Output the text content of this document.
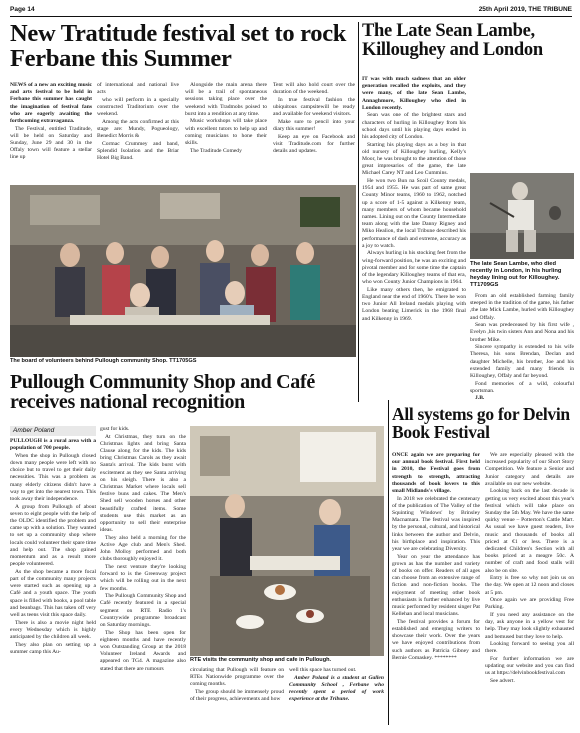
Page 14	25th April 2019, THE TRIBUNE
New Tratitude festival set to rock Ferbane this Summer

NEWS of a new an exciting music and arts festival to be held in Ferbane this summer has caught the imagination of festival fans who are eagerly awaiting the forthcoming extravaganza.

The Festival, entitled Traditude, will be held on Saturday and Sunday, June 29 and 30 in the Offaly town will feature a stellar line up

of international and national live acts

who will perform in a specially constructed Traditorium over the weekend.

Among the acts confirmed at this stage are: Mundy, Pogueology, Benedict Morris &

Cormac Crummey and band, Splendid Isolation and the Briar Hotel Big Band.

Alongside the main arena there will be a trail of spontaneous sessions taking place over the weekend with Tradmobs poised to burst into a rendition at any time.

Music workshops will take place with excellent tutors to help up and coming musicians to hone their skills.

The Traditude Comedy

Tent will also hold court over the duration of the weekend.

In true festival fashion the ubiquitous campsitewill be ready and available for weekend visitors.

Make sure to pencil into your diary this summer!

Keep an eye on Facebook and visit Traditude.com for further details and updates.

The board of volunteers behind Pullough community Shop. TT1705GS
The Late Sean Lambe, Killoughey and London

IT was with much sadness that an older generation recalled the exploits, and they were many, of the late Sean Lambe, Annaghmore, Killoughey who died in London recently.

Sean was one of the brightest stars and characters of hurling in Killoughey from his school days until his playing days ended in his adopted city of London.

Starting his playing days as a boy in that old nursery of Killoughey hurling, Kelly's Moor, he was brought to the attention of those great impresarios of the game, the late Michael Carey NT and Leo Cummins.

He won two Bun na Scoil County medals, 1954 and 1955. He was part of same great County Minor teams, 1960 to 1962, notched up a score of 1-5 against a Kilkenny team, many members of whom became household names. Lining out on the County Intermediate team along with the late Danny Rigney and Miko Healion, the local Tribune described his performance of dash and extreme, accuracy as a joy to watch.

Always hurling in his stocking feet from the wing-forward position, he was an exciting and pivotal member and for some time the captain of the legendary Killoughey teams of that era, who won County Junior Champions in 1964.

Like many others then, he emigrated to England near the end of 1960's. There he won two Junior All Ireland medals playing with London beating Limerick in the 1968 final and Kilkenny in 1969.

The late Sean Lambe, who died recently in London, in his hurling heyday lining out for Killoughey. TT1709GS

From an old established farming family steeped in the tradition of the game, his father ,the late Mick Lambe, hurled with Killoughey and Offaly.

Sean was predeceased by his first wife , Evelyn ,his twin sisters Ann and Nona and his brother Mike.

Sincere sympathy is extended to his wife Theresa, his sons Brendan, Declan and daughter Michelle, his brother, Joe and his extended family and many friends in Killoughey, Offaly and far beyond.

Fond memories of a wild, colourful sportsman.

J.B.

Pullough Community Shop and Café receives national recognition
Amber Poland

PULLOUGH is a rural area with a population of 700 people.

When the shop in Pullough closed down many people were left with no choice but to travel to get their daily necessities. This was a problem as many elderly citizens didn't have a way to get into the nearest town. This took away their independence.

A group from Pullough of about seven to eight people with the help of the OLDC identified the problem and came up with a solution. They wanted to set up a community shop where locals could volunteer their spare time and help out. The shop gained momentum and as a result more people volunteered.

As the shop became a more focal part of the community many projects were started such as opening up a Café and a youth space. The youth space is filled with books, a pool table and beanbags. This has taken off very well as teens visit this space daily.

There is also a movie night held every Wednesday which is highly anticipated by the children all week.

They also plan on setting up a summer camp this Au-

gust for kids.

At Christmas, they turn on the Christmas lights and bring Santa Clause along for the kids. The kids bring Christmas Carols as they await Santa's arrival. The kids burst with excitement as they see Santa arriving on his sleigh. There is also a Christmas Market where locals sell festive buns and cakes. The Men's Shed sell wooden horses and other beautifully crafted items. Some students use this market as an opportunity to sell their enterprise ideas.

They also held a morning for the Active Age club and Men's Shed. John Molloy performed and both clubs thoroughly enjoyed it.

The next venture they're looking forward to is the Greenway project which will be rolling out in the next few months.

The Pullough Community Shop and Café recently featured in a special segment on RTE Radio 1's Countrywide programme broadcast on Saturday mornings.

The Shop has been open for eighteen months and have recently won Outstanding Group at the 2018 Volunteer Ireland Awards and appeared on TG4. A magazine also stated that there are rumours

RTE visits the community shop and cafe in Pullough.

circulating that Pullough will feature on RTEs Nationwide programme over the coming months.

The group should be immensely proud of their progress, achievements and how

well this space has turned out.

Amber Poland is a student at Gallen Community School , Ferbane who recently spent a period of work experience at the Tribune.

All systems go for Delvin Book Festival

ONCE again we are preparing for our annual book festival. First held in 2010, the Festival goes from strength to strength, attracting thousands of book lovers to this small Midlands's village.

In 2018 we celebrated the centenary of the publication of The Valley of the Squinting Windows' by Brinsley Macnamara. The festival was inspired by the personal, cultural, and historical links between the author and Delvin, his birthplace and inspiration. This year we are celebrating Diversity.

Year on year the attendance has grown as has the number and variety of books on offer. Readers of all ages can choose from an extensive range of fiction and non-fiction books. The enjoyment of meeting other book enthusiasts is further enhanced by live music performed by resident singer Pat Kellehan and local musicians.

The festival provides a forum for established and emerging writers to showcase their work. Over the years we have enjoyed contributions from such authors as Patricia Gibney and Bernie Comaskey. ********

We are especially pleased with the increased popularity of our Short Story Competition. We feature a Senior and Junior category and details are available on our new website.

Looking back on the last decade is getting us very excited about this year's festival which will take place on Sunday the 5th May. We have the same quirky venue – Potterton's Cattle Mart. As usual we have guest readers, live music and thousands of books all priced at €1 or less. There is a dedicated Children's Section with all books priced at a meagre 50c. A number of craft and food stalls will also be on site.

Entry is free so why not join us on the day. We open at 12 noon and closes at 5 pm.

Once again we are providing Free Parking.

If you need any assistance on the day, ask anyone in a yellow vest for help. They may look slightly exhausted and bemused but they love to help.

Looking forward to seeing you all there.

For further information we are updating our website and you can find us at https://delvinbookfestival.com

See advert.
